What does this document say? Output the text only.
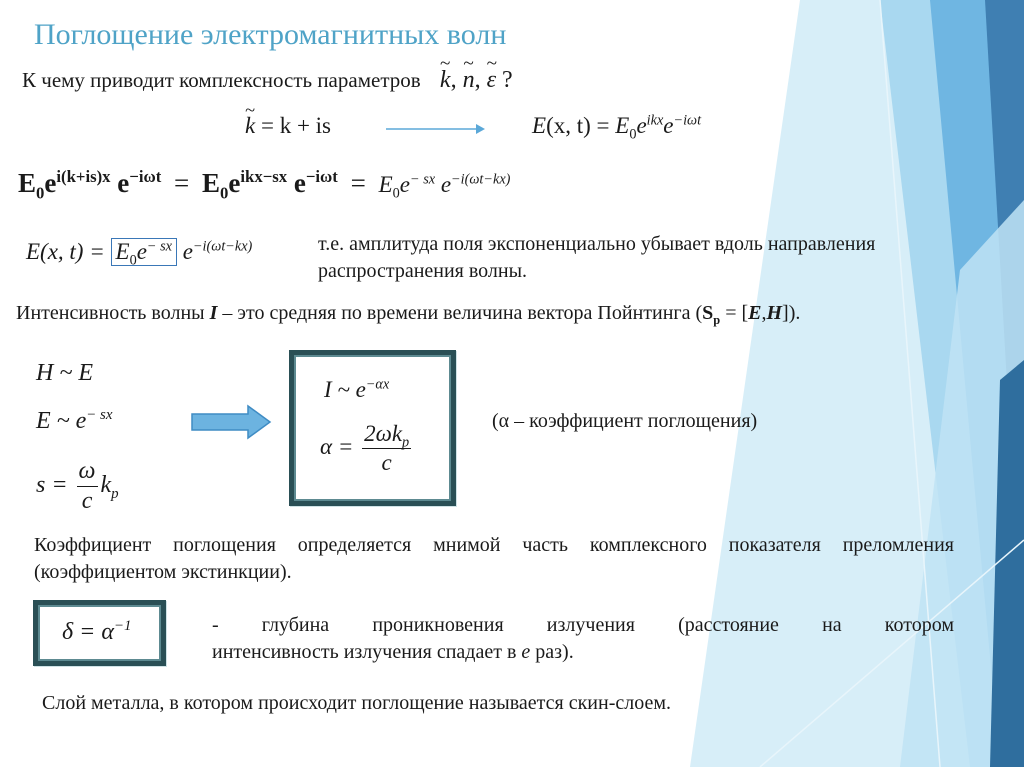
Поглощение электромагнитных волн
К чему приводит комплексность параметров ~ k, ~ n, ~ ε ?
~ k = k + is	E(x, $t) = E_0e^{ikx}e^{-i\omega t}$
$E_0e^{i(k+is)x}$ $e^{-i\omega t} = E_0e^{ikx-sx}$ $e^{-i\omega t} = E_0e^{- sx}$ $e^{-i(\omega t-kx)}$
E(x, $t) = E_0e^{- sx}$ $e^{-i(\omega t-kx)}$	т.е. амплитуда поля экспоненциально убывает вдоль направления распространения волны.
Интенсивность волны I – это средняя по времени величина вектора Пойнтинга $(S_p = [E,H])$.
H ~ E
E ~ $e^{- sx}$
$s = \frac{\omega}{c} k_p$
I ~ $e^{-\alpha x}$
$\alpha = \frac{2\omega k_p}{c}$	(α – коэффициент поглощения)
Коэффициент поглощения определяется мнимой часть комплексного показателя преломления (коэффициентом экстинкции).
$\delta = \alpha^{-1}$	- глубина проникновения излучения (расстояние на котором
интенсивность излучения спадает в e раз).
Слой металла, в котором происходит поглощение называется скин-слоем.
